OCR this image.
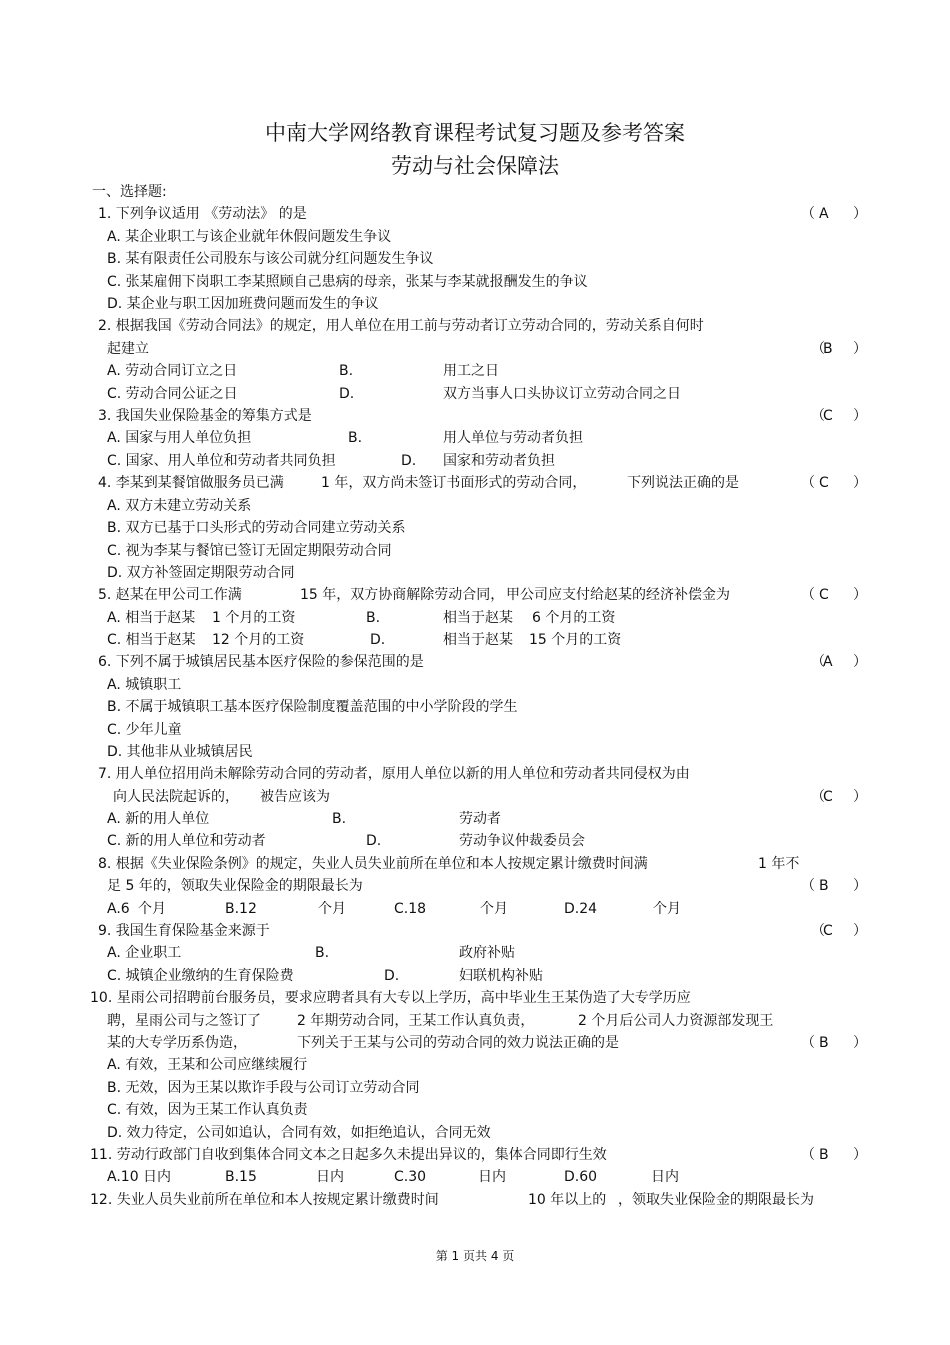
中南大学网络教育课程考试复习题及参考答案
劳动与社会保障法
一、选择题:
1. 下列争议适用 《劳动法》 的是	（ A ）
A. 某企业职工与该企业就年休假问题发生争议
B. 某有限责任公司股东与该公司就分红问题发生争议
C. 张某雇佣下岗职工李某照顾自己患病的母亲，张某与李某就报酬发生的争议
D. 某企业与职工因加班费问题而发生的争议
2. 根据我国《劳动合同法》的规定，用人单位在用工前与劳动者订立劳动合同的，劳动关系自何时
起建立	（
B ）
A. 劳动合同订立之日	B.	用工之日
C. 劳动合同公证之日	D.	双方当事人口头协议订立劳动合同之日
3. 我国失业保险基金的筹集方式是	（
C ）
A. 国家与用人单位负担	B.	用人单位与劳动者负担
C. 国家、用人单位和劳动者共同负担	D. 国家和劳动者负担
4. 李某到某餐馆做服务员已满	1 年，双方尚未签订书面形式的劳动合同，	下列说法正确的是	（ C ）
A. 双方未建立劳动关系
B. 双方已基于口头形式的劳动合同建立劳动关系
C. 视为李某与餐馆已签订无固定期限劳动合同
D. 双方补签固定期限劳动合同
5. 赵某在甲公司工作满	15 年，双方协商解除劳动合同， 甲公司应支付给赵某的经济补偿金为	（ C ）
A. 相当于赵某 1 个月的工资	B.	相当于赵某 6 个月的工资
C. 相当于赵某 12 个月的工资	D.	相当于赵某 15 个月的工资
6. 下列不属于城镇居民基本医疗保险的参保范围的是	（
A ）
A. 城镇职工
B. 不属于城镇职工基本医疗保险制度覆盖范围的中小学阶段的学生
C. 少年儿童
D. 其他非从业城镇居民
7. 用人单位招用尚未解除劳动合同的劳动者，原用人单位以新的用人单位和劳动者共同侵权为由
向人民法院起诉的， 被告应该为	（
C ）
A. 新的用人单位	B.	劳动者
C. 新的用人单位和劳动者	D.	劳动争议仲裁委员会
8. 根据《失业保险条例》的规定，失业人员失业前所在单位和本人按规定累计缴费时间满	1 年不
足 5 年的，领取失业保险金的期限最长为	（ B ）
A.6 个月	B.12	个月	C.18	个月	D.24	个月
9. 我国生育保险基金来源于	（
C ）
A. 企业职工	B.	政府补贴
C. 城镇企业缴纳的生育保险费	D.	妇联机构补贴
10. 星雨公司招聘前台服务员，要求应聘者具有大专以上学历，高中毕业生王某伪造了大专学历应
聘，星雨公司与之签订了	2 年期劳动合同，王某工作认真负责，	2 个月后公司人力资源部发现王
某的大专学历系伪造，	下列关于王某与公司的劳动合同的效力说法正确的是	（ B ）
A. 有效，王某和公司应继续履行
B. 无效，因为王某以欺诈手段与公司订立劳动合同
C. 有效，因为王某工作认真负责
D. 效力待定，公司如追认，合同有效，如拒绝追认，合同无效
11. 劳动行政部门自收到集体合同文本之日起多久未提出异议的，集体合同即行生效	（ B ）
A.10 日内	B.15	日内	C.30	日内	D.60	日内
12. 失业人员失业前所在单位和本人按规定累计缴费时间	10 年以上的 ，领取失业保险金的期限最长为
第 1 页共 4 页
